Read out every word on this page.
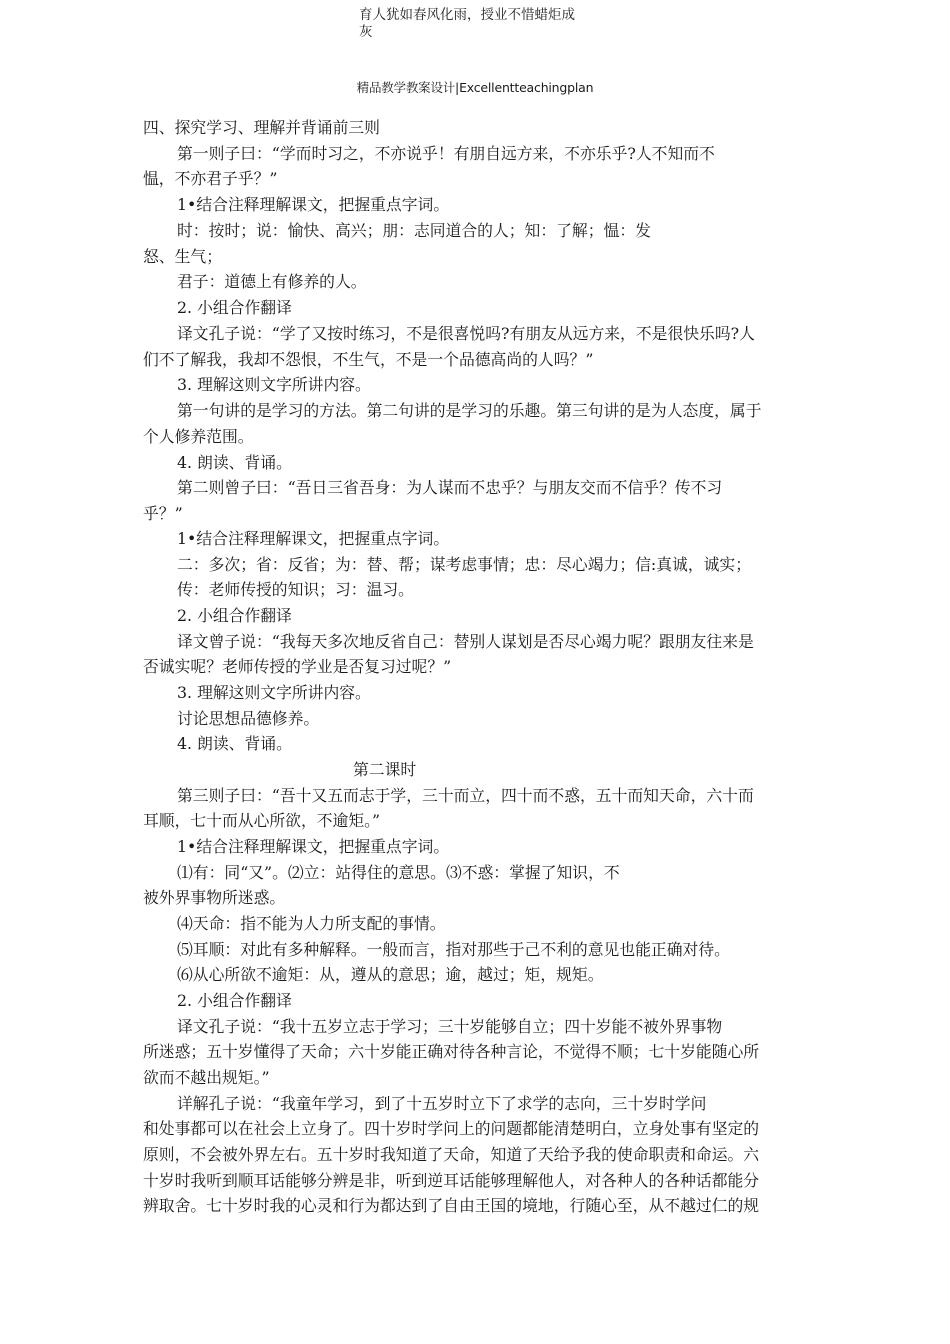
育人犹如春风化雨，授业不惜蜡炬成
灰
精品教学教案设计|Excellentteachingplan
四、探究学习、理解并背诵前三则
第一则子曰：“学而时习之，不亦说乎！有朋自远方来，不亦乐乎?人不知而不
愠，不亦君子乎？”
1•结合注释理解课文，把握重点字词。
时：按时；说：愉快、高兴；朋：志同道合的人；知：了解；愠：发
怒、生气；
君子：道德上有修养的人。
2. 小组合作翻译
译文孔子说：“学了又按时练习，不是很喜悦吗?有朋友从远方来，不是很快乐吗?人
们不了解我，我却不怨恨，不生气，不是一个品德高尚的人吗？”
3. 理解这则文字所讲内容。
第一句讲的是学习的方法。第二句讲的是学习的乐趣。第三句讲的是为人态度，属于
个人修养范围。
4. 朗读、背诵。
第二则曾子曰：“吾日三省吾身：为人谋而不忠乎？与朋友交而不信乎？传不习
乎？”
1•结合注释理解课文，把握重点字词。
二：多次；省：反省；为：替、帮；谋考虑事情；忠：尽心竭力；信:真诚，诚实；
传：老师传授的知识；习：温习。
2. 小组合作翻译
译文曾子说：“我每天多次地反省自己：替别人谋划是否尽心竭力呢？跟朋友往来是
否诚实呢？老师传授的学业是否复习过呢？”
3. 理解这则文字所讲内容。
讨论思想品德修养。
4. 朗读、背诵。
第二课时
第三则子曰：“吾十又五而志于学，三十而立，四十而不惑，五十而知天命，六十而
耳顺，七十而从心所欲，不逾矩。”
1•结合注释理解课文，把握重点字词。
⑴有：同“又”。⑵立：站得住的意思。⑶不惑：掌握了知识，不
被外界事物所迷惑。
⑷天命：指不能为人力所支配的事情。
⑸耳顺：对此有多种解释。一般而言，指对那些于己不利的意见也能正确对待。
⑹从心所欲不逾矩：从，遵从的意思；逾，越过；矩，规矩。
2. 小组合作翻译
译文孔子说：“我十五岁立志于学习；三十岁能够自立；四十岁能不被外界事物
所迷惑；五十岁懂得了天命；六十岁能正确对待各种言论，不觉得不顺；七十岁能随心所
欲而不越出规矩。”
详解孔子说：“我童年学习，到了十五岁时立下了求学的志向，三十岁时学问
和处事都可以在社会上立身了。四十岁时学问上的问题都能清楚明白，立身处事有坚定的
原则，不会被外界左右。五十岁时我知道了天命，知道了天给予我的使命职责和命运。六
十岁时我听到顺耳话能够分辨是非，听到逆耳话能够理解他人，对各种人的各种话都能分
辨取舍。七十岁时我的心灵和行为都达到了自由王国的境地，行随心至，从不越过仁的规
